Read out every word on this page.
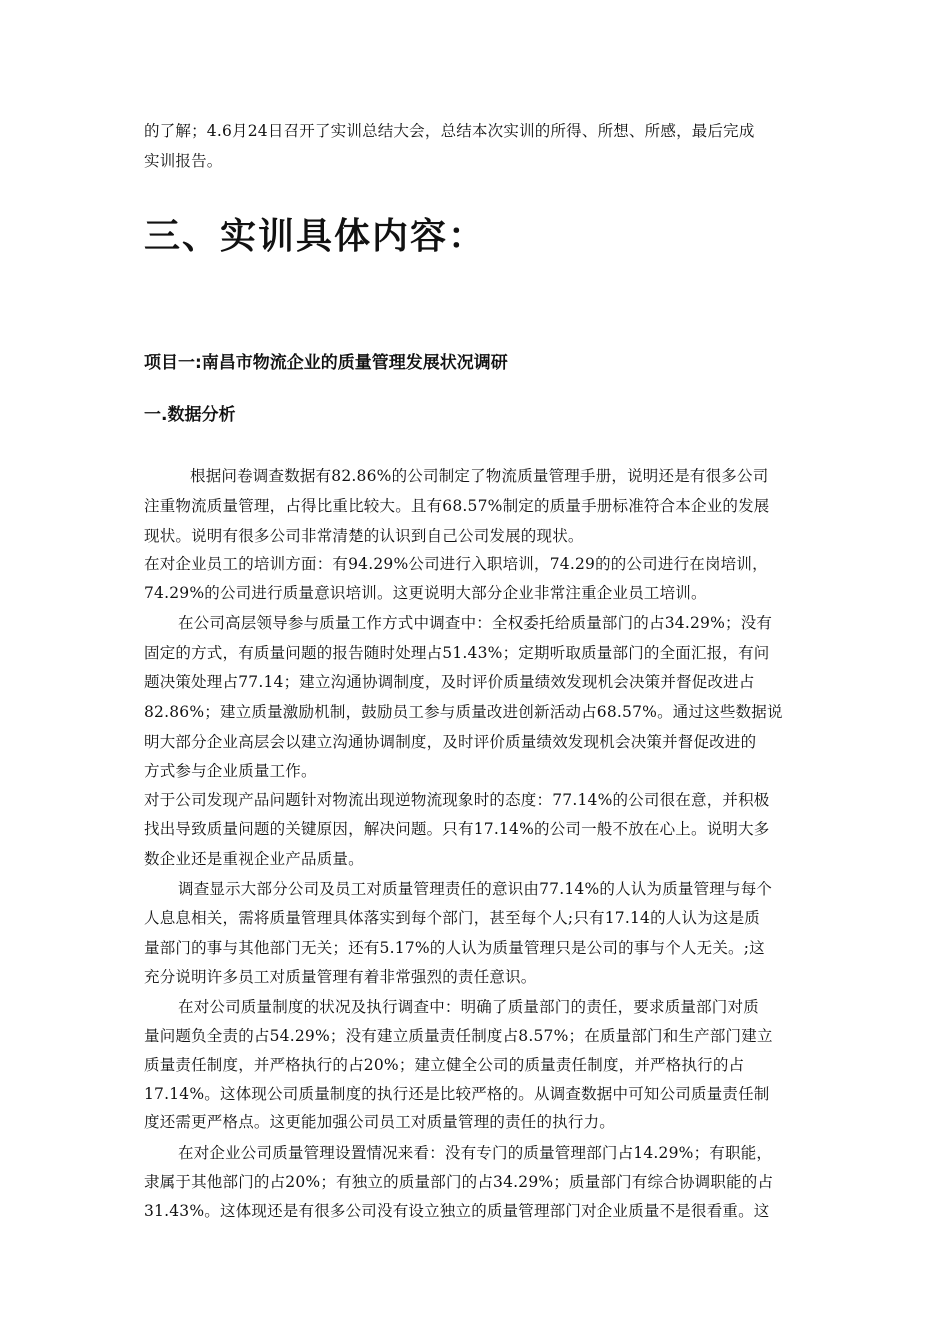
的了解；4.6月24日召开了实训总结大会，总结本次实训的所得、所想、所感，最后完成
实训报告。
三、实训具体内容：
项目一:南昌市物流企业的质量管理发展状况调研
一.数据分析
根据问卷调查数据有82.86%的公司制定了物流质量管理手册，说明还是有很多公司
注重物流质量管理，占得比重比较大。且有68.57%制定的质量手册标准符合本企业的发展
现状。说明有很多公司非常清楚的认识到自己公司发展的现状。
在对企业员工的培训方面：有94.29%公司进行入职培训，74.29的的公司进行在岗培训，
74.29%的公司进行质量意识培训。这更说明大部分企业非常注重企业员工培训。
在公司高层领导参与质量工作方式中调查中：全权委托给质量部门的占34.29%；没有
固定的方式，有质量问题的报告随时处理占51.43%；定期听取质量部门的全面汇报，有问
题决策处理占77.14；建立沟通协调制度，及时评价质量绩效发现机会决策并督促改进占
82.86%；建立质量激励机制，鼓励员工参与质量改进创新活动占68.57%。通过这些数据说
明大部分企业高层会以建立沟通协调制度，及时评价质量绩效发现机会决策并督促改进的
方式参与企业质量工作。
对于公司发现产品问题针对物流出现逆物流现象时的态度：77.14%的公司很在意，并积极
找出导致质量问题的关键原因，解决问题。只有17.14%的公司一般不放在心上。说明大多
数企业还是重视企业产品质量。
调查显示大部分公司及员工对质量管理责任的意识由77.14%的人认为质量管理与每个
人息息相关，需将质量管理具体落实到每个部门，甚至每个人;只有17.14的人认为这是质
量部门的事与其他部门无关；还有5.17%的人认为质量管理只是公司的事与个人无关。;这
充分说明许多员工对质量管理有着非常强烈的责任意识。
在对公司质量制度的状况及执行调查中：明确了质量部门的责任，要求质量部门对质
量问题负全责的占54.29%；没有建立质量责任制度占8.57%；在质量部门和生产部门建立
质量责任制度，并严格执行的占20%；建立健全公司的质量责任制度，并严格执行的占
17.14%。这体现公司质量制度的执行还是比较严格的。从调查数据中可知公司质量责任制
度还需更严格点。这更能加强公司员工对质量管理的责任的执行力。
在对企业公司质量管理设置情况来看：没有专门的质量管理部门占14.29%；有职能，
隶属于其他部门的占20%；有独立的质量部门的占34.29%；质量部门有综合协调职能的占
31.43%。这体现还是有很多公司没有设立独立的质量管理部门对企业质量不是很看重。这
